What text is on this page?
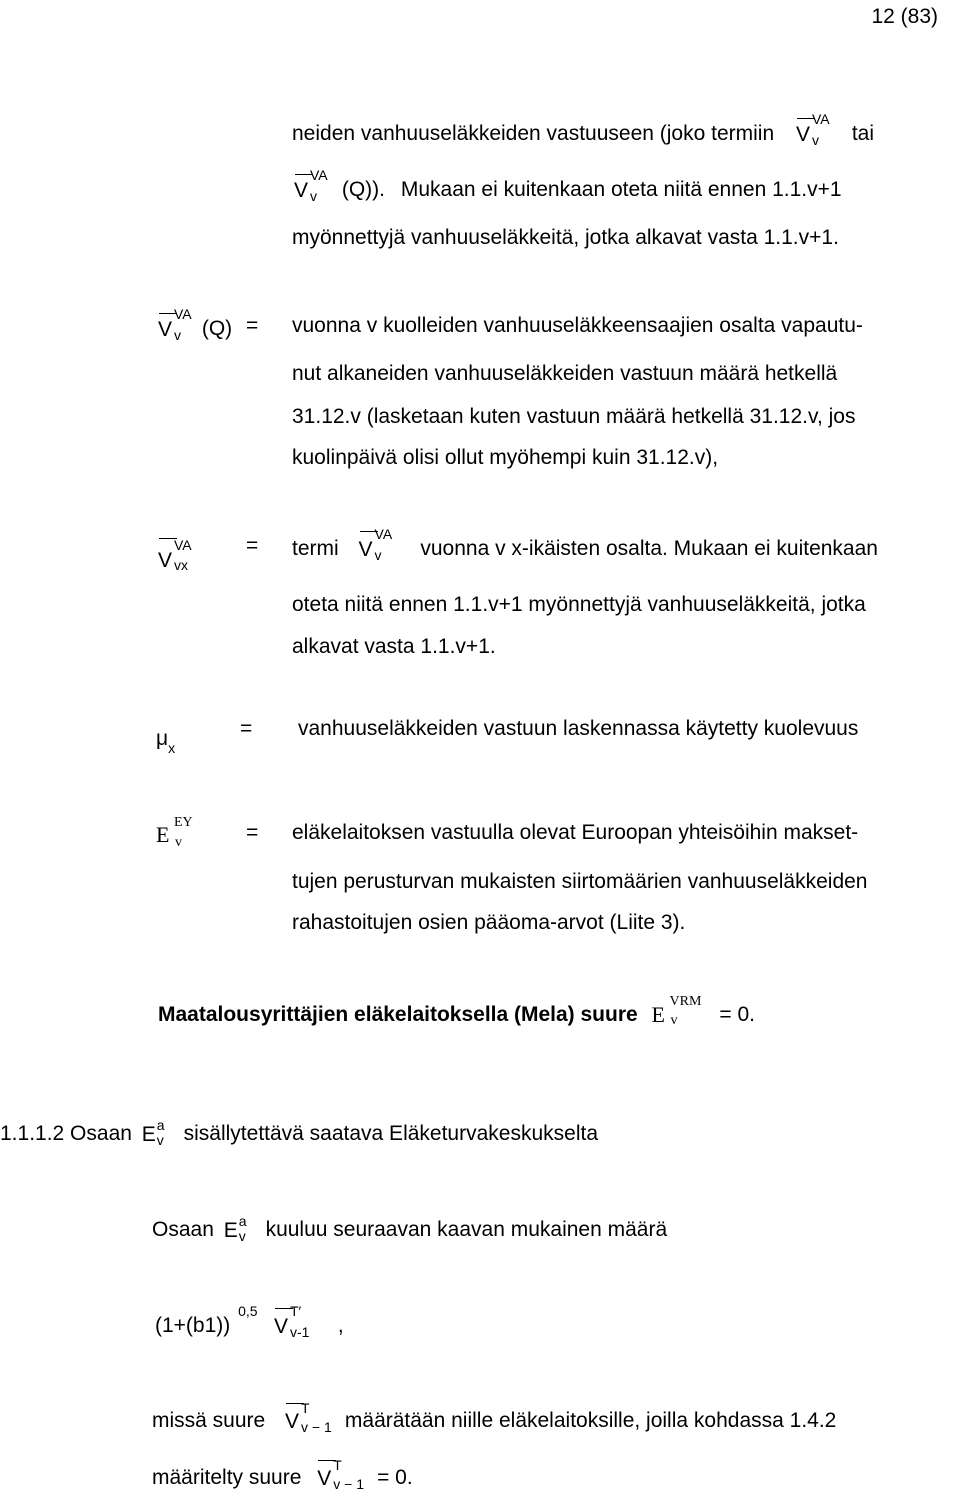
12 (83)
neiden vanhuuseläkkeiden vastuuseen (joko termiin V
VA
v tai
V
VA
v (Q)). Mukaan ei kuitenkaan oteta niitä ennen 1.1.v+1
myönnettyjä vanhuuseläkkeitä, jotka alkavat vasta 1.1.v+1.
V
VA
v (Q) = vuonna v kuolleiden vanhuuseläkkeensaajien osalta vapautu-
nut alkaneiden vanhuuseläkkeiden vastuun määrä hetkellä
31.12.v (lasketaan kuten vastuun määrä hetkellä 31.12.v, jos
kuolinpäivä olisi ollut myöhempi kuin 31.12.v),
V
VA
vx
= termi V
VA
v vuonna v x-ikäisten osalta. Mukaan ei kuitenkaan
oteta niitä ennen 1.1.v+1 myönnettyjä vanhuuseläkkeitä, jotka
alkavat vasta 1.1.v+1.
$\mu_x$
= vanhuuseläkkeiden vastuun laskennassa käytetty kuolevuus
E EY
v	= eläkelaitoksen vastuulla olevat Euroopan yhteisöihin makset-
tujen perusturvan mukaisten siirtomäärien vanhuuseläkkeiden
rahastoitujen osien pääoma-arvot (Liite 3).
Maatalousyrittäjien eläkelaitoksella (Mela) suure E
VRM
v = 0.
1.1.1.2 Osaan E a
v sisällytettävä saatava Eläketurvakeskukselta
Osaan E a
v kuuluu seuraavan kaavan mukainen määrä
(1+(b1))
0,5

V
T′
v-1 ,
missä suure V
T
v − 1 määrätään niille eläkelaitoksille, joilla kohdassa 1.4.2
määritelty suure V
T
v − 1 = 0.
